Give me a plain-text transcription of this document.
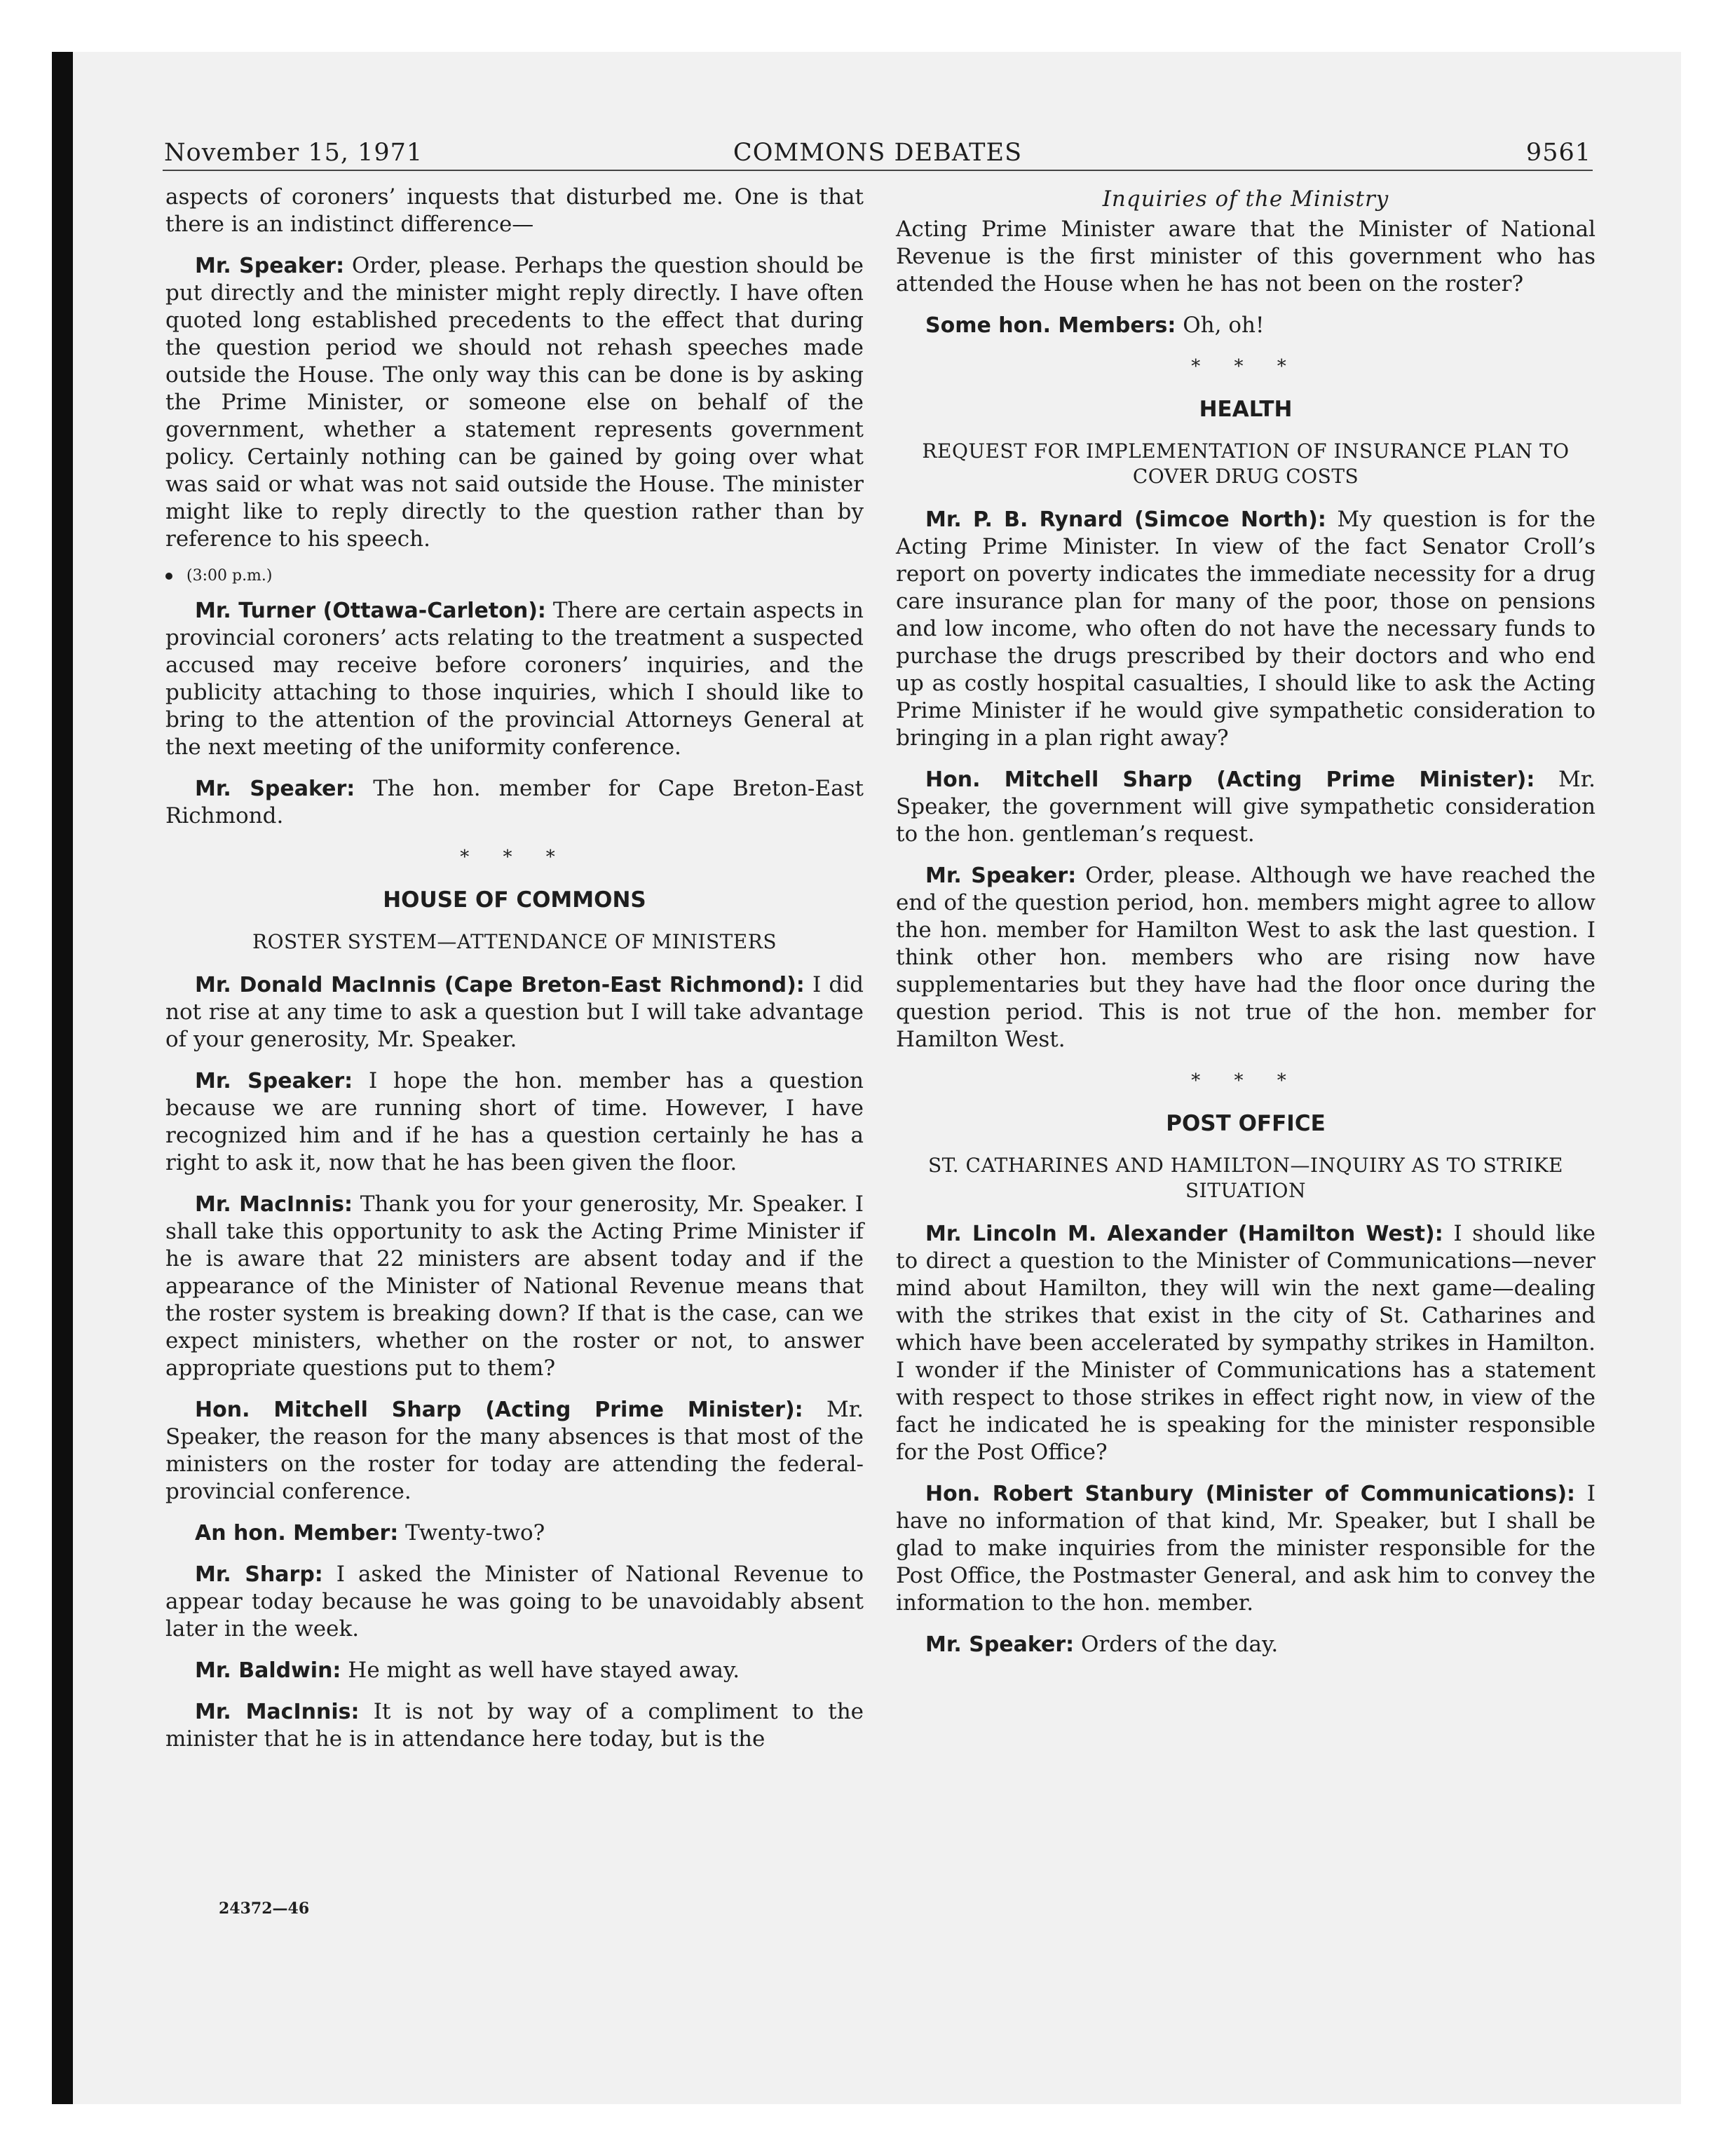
November 15, 1971	COMMONS DEBATES	9561

aspects of coroners’ inquests that disturbed me. One is that there is an indistinct difference—

Mr. Speaker: Order, please. Perhaps the question should be put directly and the minister might reply directly. I have often quoted long established precedents to the effect that during the question period we should not rehash speeches made outside the House. The only way this can be done is by asking the Prime Minister, or someone else on behalf of the government, whether a statement represents government policy. Certainly nothing can be gained by going over what was said or what was not said outside the House. The minister might like to reply directly to the question rather than by reference to his speech.

(3:00 p.m.)

Mr. Turner (Ottawa-Carleton): There are certain aspects in provincial coroners’ acts relating to the treatment a suspected accused may receive before coroners’ inquiries, and the publicity attaching to those inquiries, which I should like to bring to the attention of the provincial Attorneys General at the next meeting of the uniformity conference.

Mr. Speaker: The hon. member for Cape Breton-East Richmond.

* * *
HOUSE OF COMMONS
ROSTER SYSTEM—ATTENDANCE OF MINISTERS

Mr. Donald MacInnis (Cape Breton-East Richmond): I did not rise at any time to ask a question but I will take advantage of your generosity, Mr. Speaker.

Mr. Speaker: I hope the hon. member has a question because we are running short of time. However, I have recognized him and if he has a question certainly he has a right to ask it, now that he has been given the floor.

Mr. MacInnis: Thank you for your generosity, Mr. Speaker. I shall take this opportunity to ask the Acting Prime Minister if he is aware that 22 ministers are absent today and if the appearance of the Minister of National Revenue means that the roster system is breaking down? If that is the case, can we expect ministers, whether on the roster or not, to answer appropriate questions put to them?

Hon. Mitchell Sharp (Acting Prime Minister): Mr. Speaker, the reason for the many absences is that most of the ministers on the roster for today are attending the federal-provincial conference.

An hon. Member: Twenty-two?

Mr. Sharp: I asked the Minister of National Revenue to appear today because he was going to be unavoidably absent later in the week.

Mr. Baldwin: He might as well have stayed away.

Mr. MacInnis: It is not by way of a compliment to the minister that he is in attendance here today, but is the

24372—46
Inquiries of the Ministry

Acting Prime Minister aware that the Minister of National Revenue is the first minister of this government who has attended the House when he has not been on the roster?

Some hon. Members: Oh, oh!

* * *
HEALTH
REQUEST FOR IMPLEMENTATION OF INSURANCE PLAN TO COVER DRUG COSTS

Mr. P. B. Rynard (Simcoe North): My question is for the Acting Prime Minister. In view of the fact Senator Croll’s report on poverty indicates the immediate necessity for a drug care insurance plan for many of the poor, those on pensions and low income, who often do not have the necessary funds to purchase the drugs prescribed by their doctors and who end up as costly hospital casualties, I should like to ask the Acting Prime Minister if he would give sympathetic consideration to bringing in a plan right away?

Hon. Mitchell Sharp (Acting Prime Minister): Mr. Speaker, the government will give sympathetic consideration to the hon. gentleman’s request.

Mr. Speaker: Order, please. Although we have reached the end of the question period, hon. members might agree to allow the hon. member for Hamilton West to ask the last question. I think other hon. members who are rising now have supplementaries but they have had the floor once during the question period. This is not true of the hon. member for Hamilton West.

* * *
POST OFFICE
ST. CATHARINES AND HAMILTON—INQUIRY AS TO STRIKE SITUATION

Mr. Lincoln M. Alexander (Hamilton West): I should like to direct a question to the Minister of Communications—never mind about Hamilton, they will win the next game—dealing with the strikes that exist in the city of St. Catharines and which have been accelerated by sympathy strikes in Hamilton. I wonder if the Minister of Communications has a statement with respect to those strikes in effect right now, in view of the fact he indicated he is speaking for the minister responsible for the Post Office?

Hon. Robert Stanbury (Minister of Communications): I have no information of that kind, Mr. Speaker, but I shall be glad to make inquiries from the minister responsible for the Post Office, the Postmaster General, and ask him to convey the information to the hon. member.

Mr. Speaker: Orders of the day.
